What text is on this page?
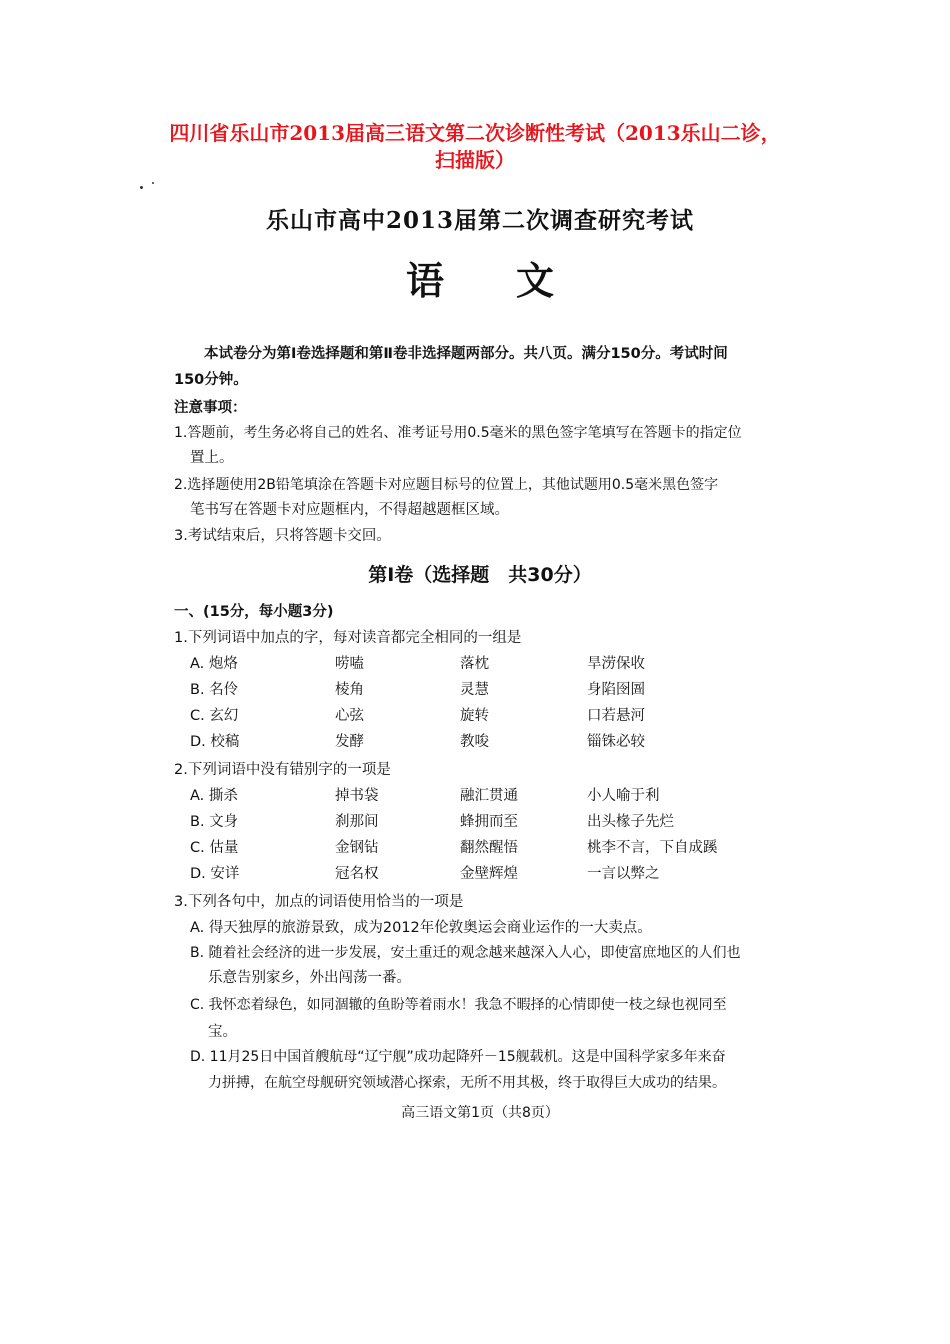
四川省乐山市2013届高三语文第二次诊断性考试（2013乐山二诊，
扫描版）
乐山市高中2013届第二次调查研究考试
语文
本试卷分为第Ⅰ卷选择题和第Ⅱ卷非选择题两部分。共八页。满分150分。考试时间
150分钟。
注意事项：
1.答题前，考生务必将自己的姓名、准考证号用0.5毫米的黑色签字笔填写在答题卡的指定位
置上。
2.选择题使用2B铅笔填涂在答题卡对应题目标号的位置上，其他试题用0.5毫米黑色签字
笔书写在答题卡对应题框内，不得超越题框区域。
3.考试结束后，只将答题卡交回。
第Ⅰ卷（选择题　共30分）
一、(15分，每小题3分)
1.下列词语中加点的字，每对读音都完全相同的一组是
A. 炮烙	唠嗑	落枕	旱涝保收
B. 名伶	棱角	灵慧	身陷囹圄
C. 玄幻	心弦	旋转	口若悬河
D. 校稿	发酵	教唆	锱铢必较
2.下列词语中没有错别字的一项是
A. 撕杀	掉书袋	融汇贯通	小人喻于利
B. 文身	刹那间	蜂拥而至	出头椽子先烂
C. 估量	金钢钻	翻然醒悟	桃李不言，下自成蹊
D. 安详	冠名权	金壁辉煌	一言以弊之
3.下列各句中，加点的词语使用恰当的一项是
A. 得天独厚的旅游景致，成为2012年伦敦奥运会商业运作的一大卖点。
B. 随着社会经济的进一步发展，安土重迁的观念越来越深入人心，即使富庶地区的人们也
乐意告别家乡，外出闯荡一番。
C. 我怀恋着绿色，如同涸辙的鱼盼等着雨水！我急不暇择的心情即使一枝之绿也视同至
宝。
D. 11月25日中国首艘航母“辽宁舰”成功起降歼－15舰载机。这是中国科学家多年来奋
力拼搏，在航空母舰研究领域潜心探索，无所不用其极，终于取得巨大成功的结果。
高三语文第1页（共8页）
